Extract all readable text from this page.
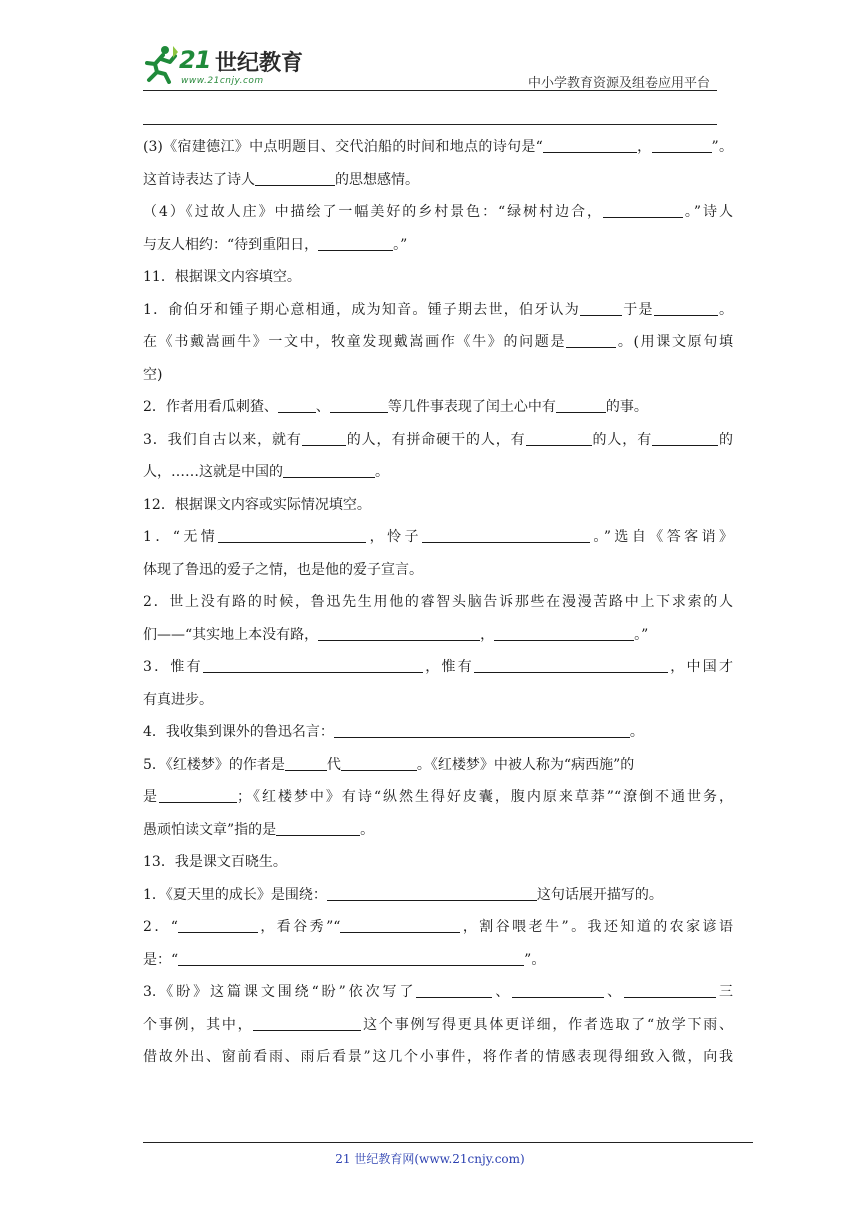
21 世纪教育
www.21cnjy.com	中小学教育资源及组卷应用平台
(3)《宿建德江》中点明题目、交代泊船的时间和地点的诗句是“	，	”。
这首诗表达了诗人	的思想感情。
（4）《过故人庄》中描绘了一幅美好的乡村景色：“绿树村边合，	。”诗人
与友人相约：“待到重阳日，	。”
11．根据课文内容填空。
1．俞伯牙和锺子期心意相通，成为知音。锺子期去世，伯牙认为	于是	。
在《书戴嵩画牛》一文中，牧童发现戴嵩画作《牛》的问题是	。(用课文原句填
空)
2．作者用看瓜刺猹、	、	等几件事表现了闰土心中有	的事。
3．我们自古以来，就有	的人，有拼命硬干的人，有	的人，有	的
人，……这就是中国的	。
12．根据课文内容或实际情况填空。
1．“无情	，怜子	。”选自《答客诮》
体现了鲁迅的爱子之情，也是他的爱子宣言。
2．世上没有路的时候，鲁迅先生用他的睿智头脑告诉那些在漫漫苦路中上下求索的人
们——“其实地上本没有路，	，	。”
3．惟有	，惟有	，中国才
有真进步。
4．我收集到课外的鲁迅名言：	。
5．《红楼梦》的作者是	代	。《红楼梦》中被人称为“病西施”的
是	；《红楼梦中》有诗“纵然生得好皮囊，腹内原来草莽”“潦倒不通世务，
愚顽怕读文章”指的是	。
13．我是课文百晓生。
1．《夏天里的成长》是围绕：	这句话展开描写的。
2．“	，看谷秀”“	，割谷喂老牛”。我还知道的农家谚语
是：“	”。
3.《盼》这篇课文围绕“盼”依次写了	、	、	三
个事例，其中，	这个事例写得更具体更详细，作者选取了“放学下雨、
借故外出、窗前看雨、雨后看景”这几个小事件，将作者的情感表现得细致入微，向我
21 世纪教育网(www.21cnjy.com)
